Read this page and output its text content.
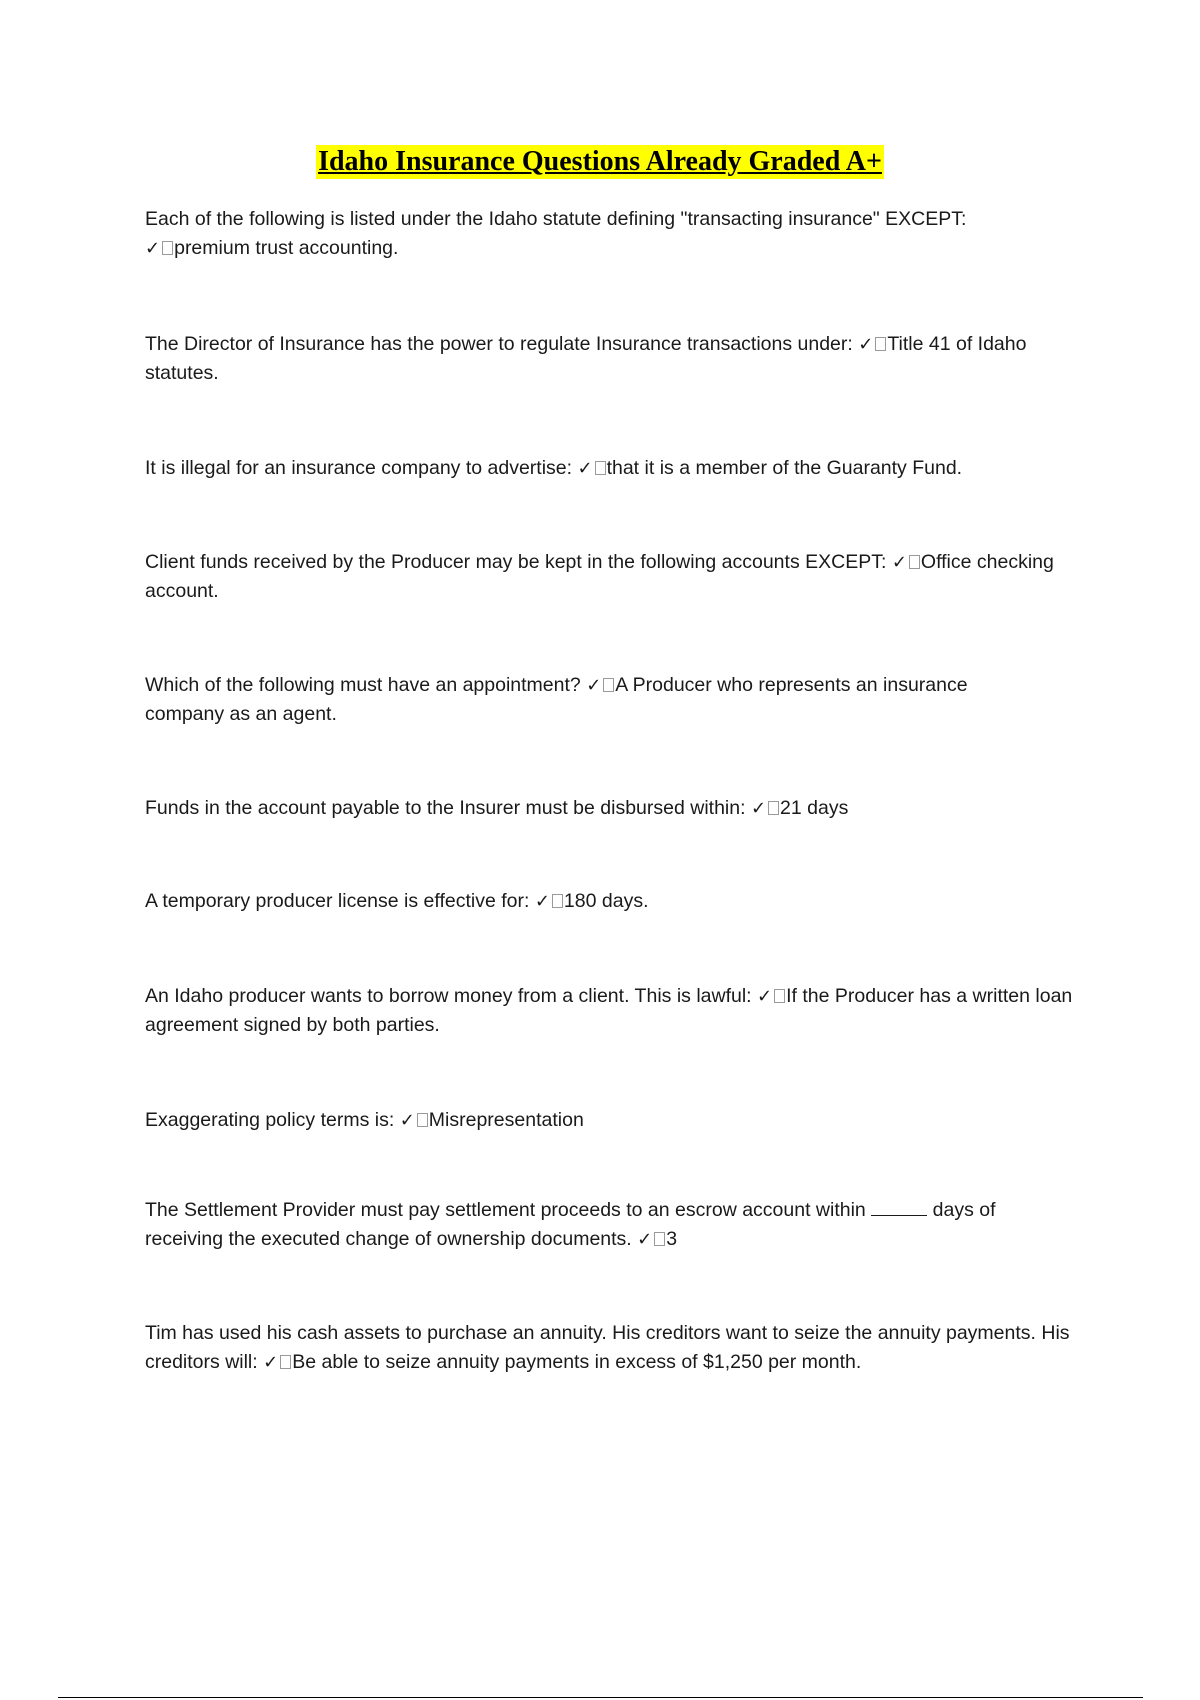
Idaho Insurance Questions Already Graded A+
Each of the following is listed under the Idaho statute defining "transacting insurance" EXCEPT:
✓ premium trust accounting.
The Director of Insurance has the power to regulate Insurance transactions under: ✓ Title 41 of Idaho statutes.
It is illegal for an insurance company to advertise: ✓ that it is a member of the Guaranty Fund.
Client funds received by the Producer may be kept in the following accounts EXCEPT: ✓ Office checking account.
Which of the following must have an appointment? ✓ A Producer who represents an insurance company as an agent.
Funds in the account payable to the Insurer must be disbursed within: ✓ 21 days
A temporary producer license is effective for: ✓ 180 days.
An Idaho producer wants to borrow money from a client. This is lawful: ✓ If the Producer has a written loan agreement signed by both parties.
Exaggerating policy terms is: ✓ Misrepresentation
The Settlement Provider must pay settlement proceeds to an escrow account within	days of receiving the executed change of ownership documents. ✓ 3
Tim has used his cash assets to purchase an annuity. His creditors want to seize the annuity payments. His creditors will: ✓ Be able to seize annuity payments in excess of $1,250 per month.
